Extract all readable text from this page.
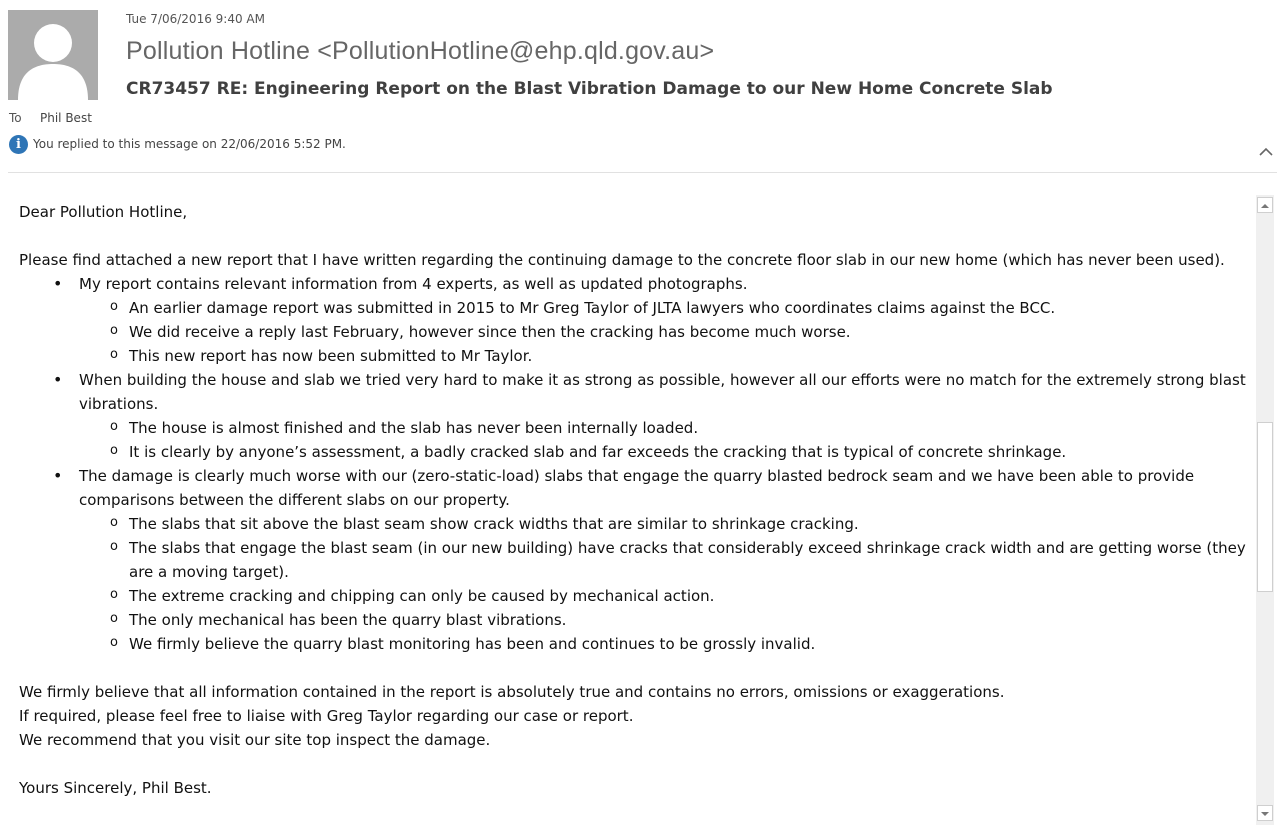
Tue 7/06/2016 9:40 AM
Pollution Hotline <PollutionHotline@ehp.qld.gov.au>
CR73457 RE: Engineering Report on the Blast Vibration Damage to our New Home Concrete Slab
To Phil Best
i	You replied to this message on 22/06/2016 5:52 PM.

Dear Pollution Hotline,

Please find attached a new report that I have written regarding the continuing damage to the concrete floor slab in our new home (which has never been used).

• My report contains relevant information from 4 experts, as well as updated photographs.
o An earlier damage report was submitted in 2015 to Mr Greg Taylor of JLTA lawyers who coordinates claims against the BCC.
o We did receive a reply last February, however since then the cracking has become much worse.
o This new report has now been submitted to Mr Taylor.
• When building the house and slab we tried very hard to make it as strong as possible, however all our efforts were no match for the extremely strong blast vibrations.
o The house is almost finished and the slab has never been internally loaded.
o It is clearly by anyone’s assessment, a badly cracked slab and far exceeds the cracking that is typical of concrete shrinkage.
• The damage is clearly much worse with our (zero-static-load) slabs that engage the quarry blasted bedrock seam and we have been able to provide comparisons between the different slabs on our property.
o The slabs that sit above the blast seam show crack widths that are similar to shrinkage cracking.
o The slabs that engage the blast seam (in our new building) have cracks that considerably exceed shrinkage crack width and are getting worse (they are a moving target).
o The extreme cracking and chipping can only be caused by mechanical action.
o The only mechanical has been the quarry blast vibrations.
o We firmly believe the quarry blast monitoring has been and continues to be grossly invalid.

We firmly believe that all information contained in the report is absolutely true and contains no errors, omissions or exaggerations.

If required, please feel free to liaise with Greg Taylor regarding our case or report.

We recommend that you visit our site top inspect the damage.

Yours Sincerely, Phil Best.
